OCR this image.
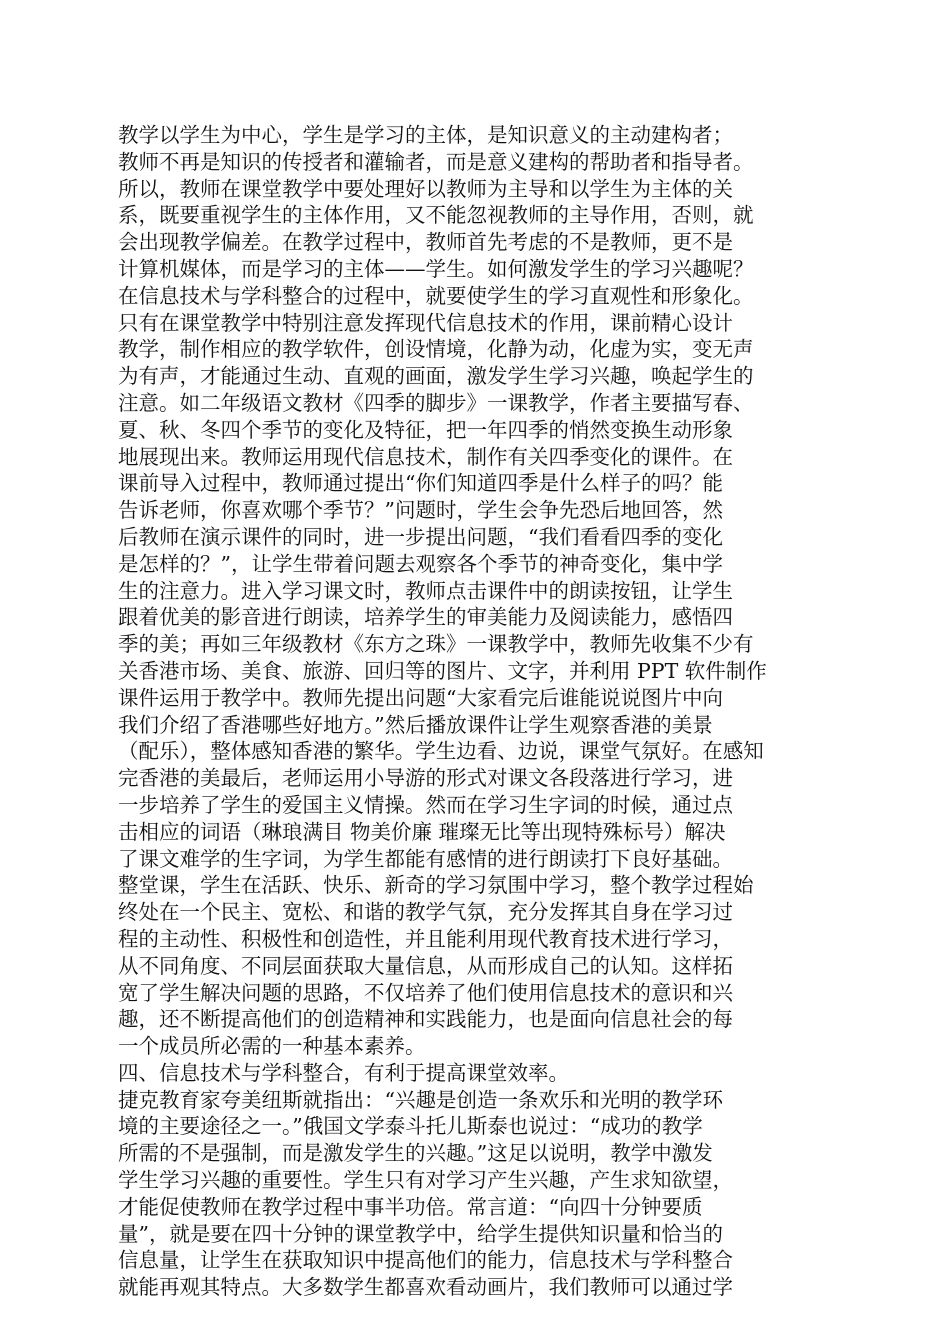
教学以学生为中心，学生是学习的主体，是知识意义的主动建构者；
教师不再是知识的传授者和灌输者，而是意义建构的帮助者和指导者。
所以，教师在课堂教学中要处理好以教师为主导和以学生为主体的关
系，既要重视学生的主体作用，又不能忽视教师的主导作用，否则，就
会出现教学偏差。在教学过程中，教师首先考虑的不是教师，更不是
计算机媒体，而是学习的主体——学生。如何激发学生的学习兴趣呢？
在信息技术与学科整合的过程中，就要使学生的学习直观性和形象化。
只有在课堂教学中特别注意发挥现代信息技术的作用，课前精心设计
教学，制作相应的教学软件，创设情境，化静为动，化虚为实，变无声
为有声，才能通过生动、直观的画面，激发学生学习兴趣，唤起学生的
注意。如二年级语文教材《四季的脚步》一课教学，作者主要描写春、
夏、秋、冬四个季节的变化及特征，把一年四季的悄然变换生动形象
地展现出来。教师运用现代信息技术，制作有关四季变化的课件。在
课前导入过程中，教师通过提出“你们知道四季是什么样子的吗？能
告诉老师，你喜欢哪个季节？”问题时，学生会争先恐后地回答，然
后教师在演示课件的同时，进一步提出问题，“我们看看四季的变化
是怎样的？”，让学生带着问题去观察各个季节的神奇变化，集中学
生的注意力。进入学习课文时，教师点击课件中的朗读按钮，让学生
跟着优美的影音进行朗读，培养学生的审美能力及阅读能力，感悟四
季的美；再如三年级教材《东方之珠》一课教学中，教师先收集不少有
关香港市场、美食、旅游、回归等的图片、文字，并利用 PPT 软件制作
课件运用于教学中。教师先提出问题“大家看完后谁能说说图片中向
我们介绍了香港哪些好地方。”然后播放课件让学生观察香港的美景
（配乐），整体感知香港的繁华。学生边看、边说，课堂气氛好。在感知
完香港的美最后，老师运用小导游的形式对课文各段落进行学习，进
一步培养了学生的爱国主义情操。然而在学习生字词的时候，通过点
击相应的词语（琳琅满目 物美价廉 璀璨无比等出现特殊标号）解决
了课文难学的生字词，为学生都能有感情的进行朗读打下良好基础。
整堂课，学生在活跃、快乐、新奇的学习氛围中学习，整个教学过程始
终处在一个民主、宽松、和谐的教学气氛，充分发挥其自身在学习过
程的主动性、积极性和创造性，并且能利用现代教育技术进行学习，
从不同角度、不同层面获取大量信息，从而形成自己的认知。这样拓
宽了学生解决问题的思路，不仅培养了他们使用信息技术的意识和兴
趣，还不断提高他们的创造精神和实践能力，也是面向信息社会的每
一个成员所必需的一种基本素养。
四、信息技术与学科整合，有利于提高课堂效率。
捷克教育家夸美纽斯就指出：“兴趣是创造一条欢乐和光明的教学环
境的主要途径之一。”俄国文学泰斗托儿斯泰也说过：“成功的教学
所需的不是强制，而是激发学生的兴趣。”这足以说明，教学中激发
学生学习兴趣的重要性。学生只有对学习产生兴趣，产生求知欲望，
才能促使教师在教学过程中事半功倍。常言道：“向四十分钟要质
量”，就是要在四十分钟的课堂教学中，给学生提供知识量和恰当的
信息量，让学生在获取知识中提高他们的能力，信息技术与学科整合
就能再观其特点。大多数学生都喜欢看动画片，我们教师可以通过学
